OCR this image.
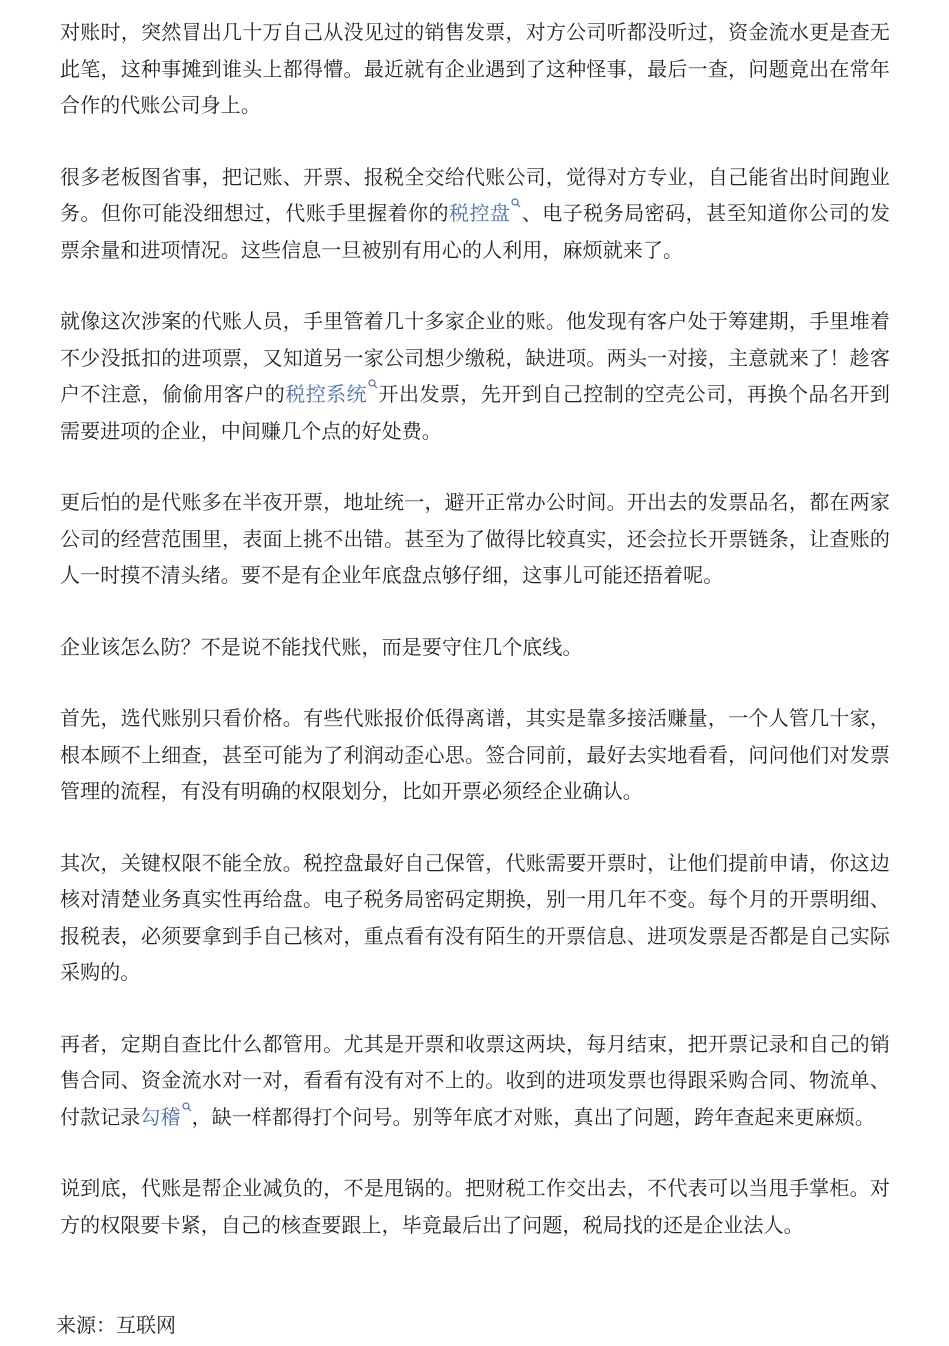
对账时，突然冒出几十万自己从没见过的销售发票，对方公司听都没听过，资金流水更是查无此笔，这种事摊到谁头上都得懵。最近就有企业遇到了这种怪事，最后一查，问题竟出在常年合作的代账公司身上。

很多老板图省事，把记账、开票、报税全交给代账公司，觉得对方专业，自己能省出时间跑业务。但你可能没细想过，代账手里握着你的税控盘 、电子税务局密码，甚至知道你公司的发票余量和进项情况。这些信息一旦被别有用心的人利用，麻烦就来了。

就像这次涉案的代账人员，手里管着几十多家企业的账。他发现有客户处于筹建期，手里堆着不少没抵扣的进项票，又知道另一家公司想少缴税，缺进项。两头一对接，主意就来了！趁客户不注意，偷偷用客户的税控系统 开出发票，先开到自己控制的空壳公司，再换个品名开到需要进项的企业，中间赚几个点的好处费。

更后怕的是代账多在半夜开票，地址统一，避开正常办公时间。开出去的发票品名，都在两家公司的经营范围里，表面上挑不出错。甚至为了做得比较真实，还会拉长开票链条，让查账的人一时摸不清头绪。要不是有企业年底盘点够仔细，这事儿可能还捂着呢。

企业该怎么防？不是说不能找代账，而是要守住几个底线。

首先，选代账别只看价格。有些代账报价低得离谱，其实是靠多接活赚量，一个人管几十家，根本顾不上细查，甚至可能为了利润动歪心思。签合同前，最好去实地看看，问问他们对发票管理的流程，有没有明确的权限划分，比如开票必须经企业确认。

其次，关键权限不能全放。税控盘最好自己保管，代账需要开票时，让他们提前申请，你这边核对清楚业务真实性再给盘。电子税务局密码定期换，别一用几年不变。每个月的开票明细、报税表，必须要拿到手自己核对，重点看有没有陌生的开票信息、进项发票是否都是自己实际采购的。

再者，定期自查比什么都管用。尤其是开票和收票这两块，每月结束，把开票记录和自己的销售合同、资金流水对一对，看看有没有对不上的。收到的进项发票也得跟采购合同、物流单、付款记录勾稽 ，缺一样都得打个问号。别等年底才对账，真出了问题，跨年查起来更麻烦。

说到底，代账是帮企业减负的，不是甩锅的。把财税工作交出去，不代表可以当甩手掌柜。对方的权限要卡紧，自己的核查要跟上，毕竟最后出了问题，税局找的还是企业法人。

来源：互联网
